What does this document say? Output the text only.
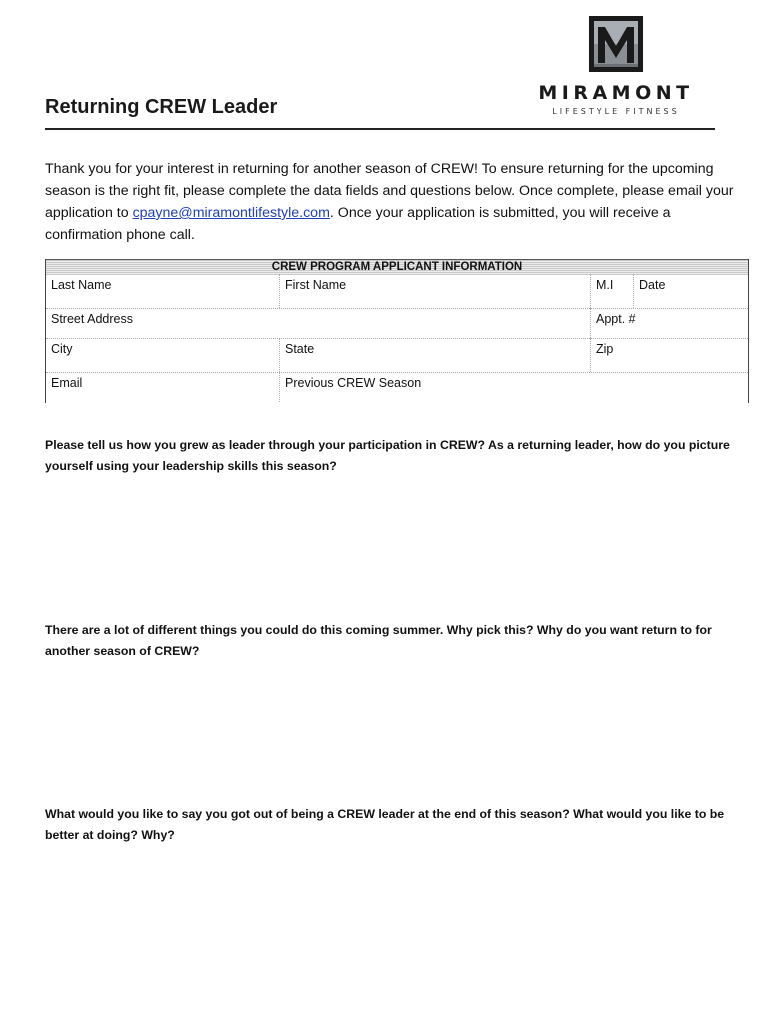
MIRAMONT
LIFESTYLE FITNESS
Returning CREW Leader

Thank you for your interest in returning for another season of CREW! To ensure returning for the upcoming season is the right fit, please complete the data fields and questions below. Once complete, please email your application to cpayne@miramontlifestyle.com. Once your application is submitted, you will receive a confirmation phone call.

CREW PROGRAM APPLICANT INFORMATION
Last Name	First Name	M.I	Date
Street Address	Appt. #
City	State	Zip
Email	Previous CREW Season

Please tell us how you grew as leader through your participation in CREW? As a returning leader, how do you picture yourself using your leadership skills this season?

There are a lot of different things you could do this coming summer. Why pick this? Why do you want return to for another season of CREW?

What would you like to say you got out of being a CREW leader at the end of this season? What would you like to be better at doing? Why?
